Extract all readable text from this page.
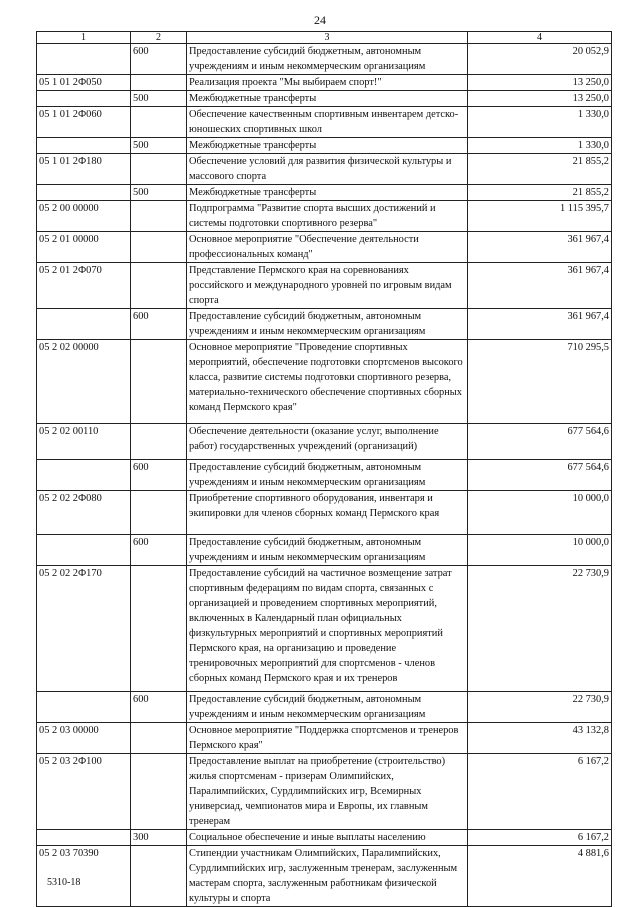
24
1	2	3	4
	600	Предоставление субсидий бюджетным, автономным учреждениям и иным некоммерческим организациям	20 052,9
05 1 01 2Ф050		Реализация проекта "Мы выбираем спорт!"	13 250,0
	500	Межбюджетные трансферты	13 250,0
05 1 01 2Ф060		Обеспечение качественным спортивным инвентарем детско-юношеских спортивных школ	1 330,0
	500	Межбюджетные трансферты	1 330,0
05 1 01 2Ф180		Обеспечение условий для развития физической культуры и массового спорта	21 855,2
	500	Межбюджетные трансферты	21 855,2
05 2 00 00000		Подпрограмма "Развитие спорта высших достижений и системы подготовки спортивного резерва"	1 115 395,7
05 2 01 00000		Основное мероприятие "Обеспечение деятельности профессиональных команд"	361 967,4
05 2 01 2Ф070		Представление Пермского края на соревнованиях российского и международного уровней по игровым видам спорта	361 967,4
	600	Предоставление субсидий бюджетным, автономным учреждениям и иным некоммерческим организациям	361 967,4
05 2 02 00000		Основное мероприятие "Проведение спортивных мероприятий, обеспечение подготовки спортсменов высокого класса, развитие системы подготовки спортивного резерва, материально-технического обеспечение спортивных сборных команд Пермского края"	710 295,5
05 2 02 00110		Обеспечение деятельности (оказание услуг, выполнение работ) государственных учреждений (организаций)	677 564,6
	600	Предоставление субсидий бюджетным, автономным учреждениям и иным некоммерческим организациям	677 564,6
05 2 02 2Ф080		Приобретение спортивного оборудования, инвентаря и экипировки для членов сборных команд Пермского края	10 000,0
	600	Предоставление субсидий бюджетным, автономным учреждениям и иным некоммерческим организациям	10 000,0
05 2 02 2Ф170		Предоставление субсидий на частичное возмещение затрат спортивным федерациям по видам спорта, связанных с организацией и проведением спортивных мероприятий, включенных в Календарный план официальных физкультурных мероприятий и спортивных мероприятий Пермского края, на организацию и проведение тренировочных мероприятий для спортсменов - членов сборных команд Пермского края и их тренеров	22 730,9
	600	Предоставление субсидий бюджетным, автономным учреждениям и иным некоммерческим организациям	22 730,9
05 2 03 00000		Основное мероприятие "Поддержка спортсменов и тренеров Пермского края"	43 132,8
05 2 03 2Ф100		Предоставление выплат на приобретение (строительство) жилья спортсменам - призерам Олимпийских, Паралимпийских, Сурдлимпийских игр, Всемирных универсиад, чемпионатов мира и Европы, их главным тренерам	6 167,2
	300	Социальное обеспечение и иные выплаты населению	6 167,2
05 2 03 70390		Стипендии участникам Олимпийских, Паралимпийских, Сурдлимпийских игр, заслуженным тренерам, заслуженным мастерам спорта, заслуженным работникам физической культуры и спорта	4 881,6
5310-18
